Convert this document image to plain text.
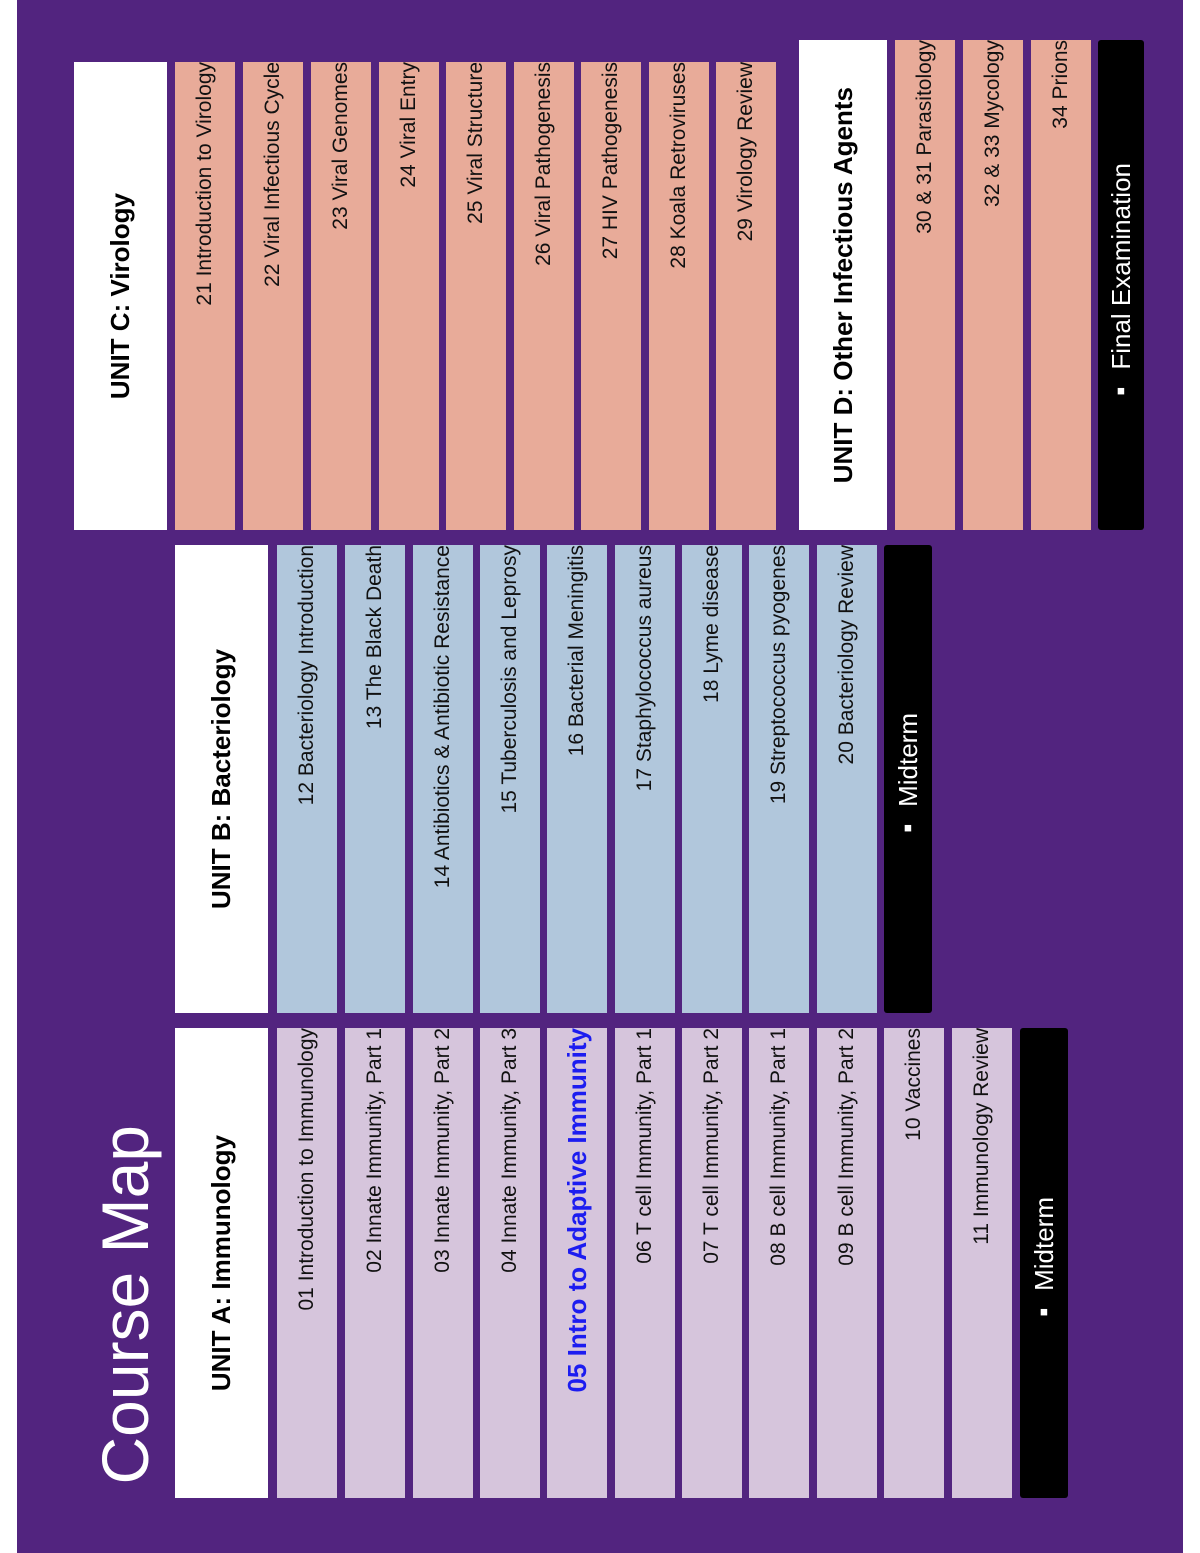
Course Map UNIT A: Immunology	01 Introduction to Immunology 02 Innate Immunity, Part 1 03 Innate Immunity, Part 2 04 Innate Immunity, Part 3 05 Intro to Adaptive Immunity 06 T cell Immunity, Part 1 07 T cell Immunity, Part 2 08 B cell Immunity, Part 1 09 B cell Immunity, Part 2 10 Vaccines 11 Immunology Review
▪ Midterm
UNIT B: Bacteriology	12 Bacteriology Introduction 13 The Black Death 14 Antibiotics & Antibiotic Resistance 15 Tuberculosis and Leprosy 16 Bacterial Meningitis 17 Staphylococcus aureus 18 Lyme disease 19 Streptococcus pyogenes 20 Bacteriology Review
▪ Midterm
UNIT C: Virology	21 Introduction to Virology 22 Viral Infectious Cycle 23 Viral Genomes 24 Viral Entry 25 Viral Structure 26 Viral Pathogenesis 27 HIV Pathogenesis 28 Koala Retroviruses 29 Virology Review	UNIT D: Other Infectious Agents	30 & 31 Parasitology 32 & 33 Mycology 34 Prions
▪ Final Examination
